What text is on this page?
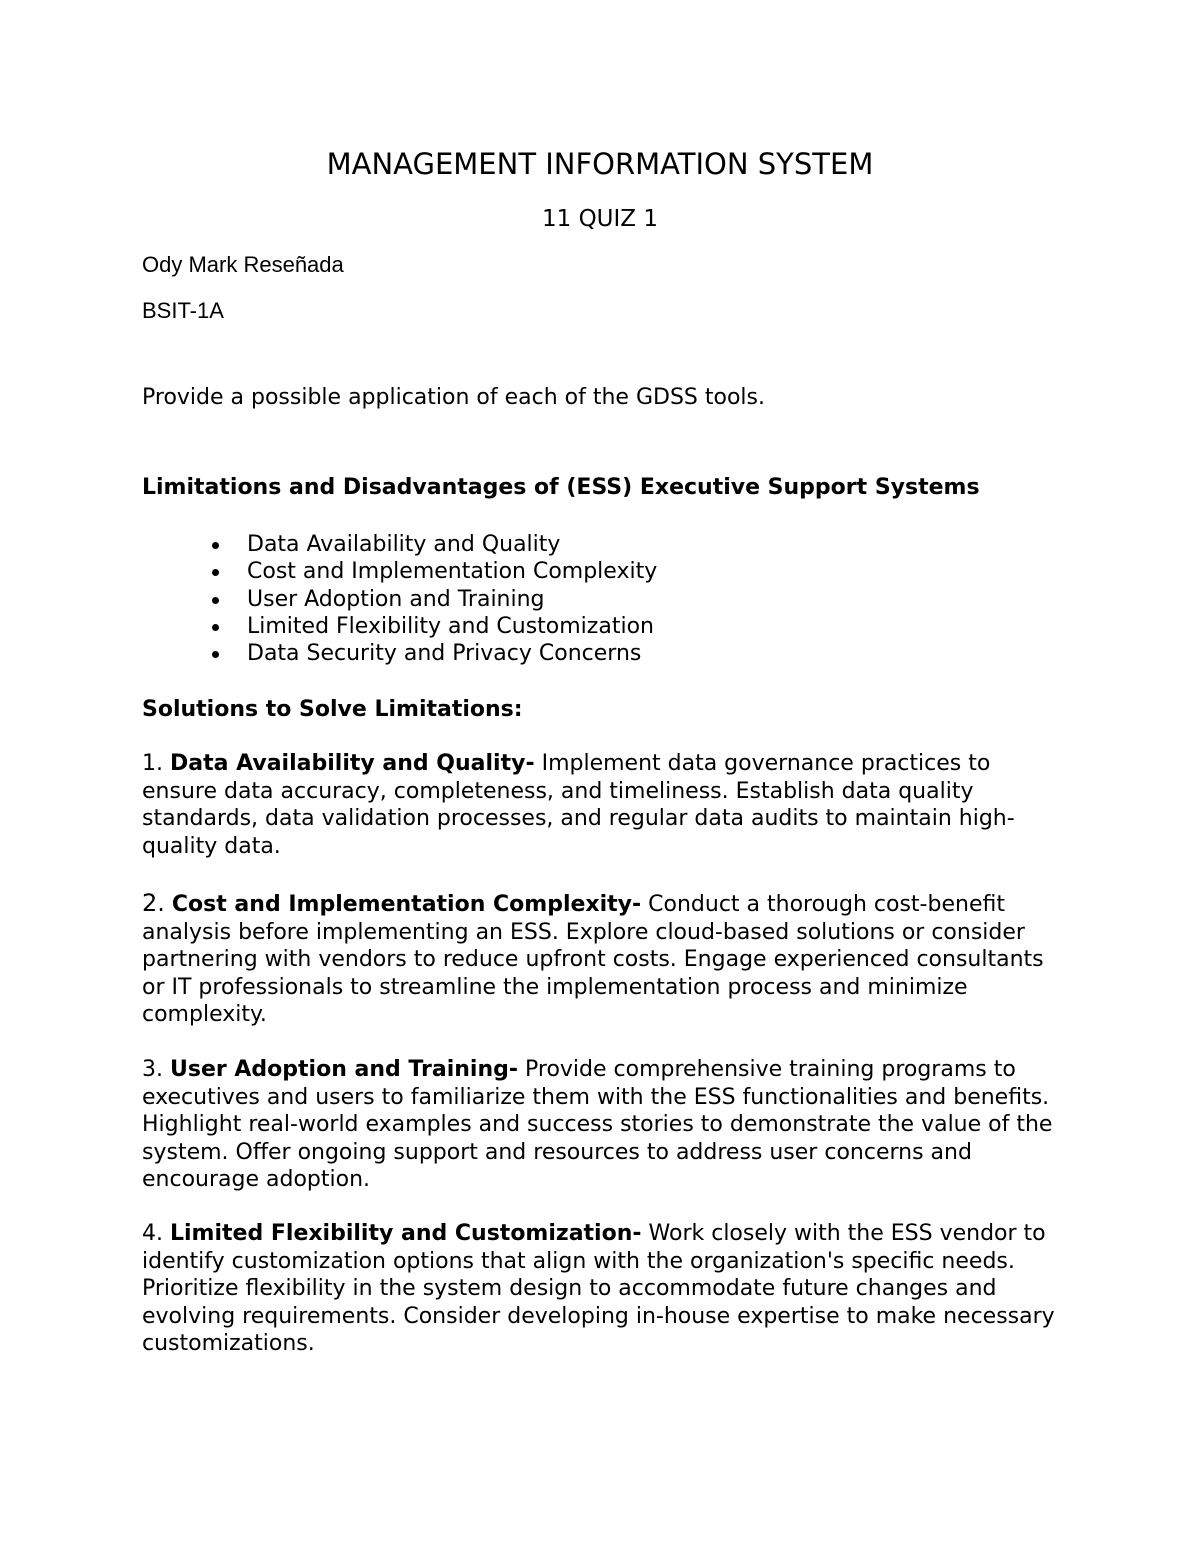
MANAGEMENT INFORMATION SYSTEM

11 QUIZ 1

Ody Mark Reseñada

BSIT-1A

Provide a possible application of each of the GDSS tools.

Limitations and Disadvantages of (ESS) Executive Support Systems
Data Availability and Quality
Cost and Implementation Complexity
User Adoption and Training
Limited Flexibility and Customization
Data Security and Privacy Concerns
Solutions to Solve Limitations:

1. Data Availability and Quality- Implement data governance practices to ensure data accuracy, completeness, and timeliness. Establish data quality standards, data validation processes, and regular data audits to maintain high-quality data.

2. Cost and Implementation Complexity- Conduct a thorough cost-benefit analysis before implementing an ESS. Explore cloud-based solutions or consider partnering with vendors to reduce upfront costs. Engage experienced consultants or IT professionals to streamline the implementation process and minimize complexity.

3. User Adoption and Training- Provide comprehensive training programs to executives and users to familiarize them with the ESS functionalities and benefits. Highlight real-world examples and success stories to demonstrate the value of the system. Offer ongoing support and resources to address user concerns and encourage adoption.

4. Limited Flexibility and Customization- Work closely with the ESS vendor to identify customization options that align with the organization's specific needs. Prioritize flexibility in the system design to accommodate future changes and evolving requirements. Consider developing in-house expertise to make necessary customizations.
